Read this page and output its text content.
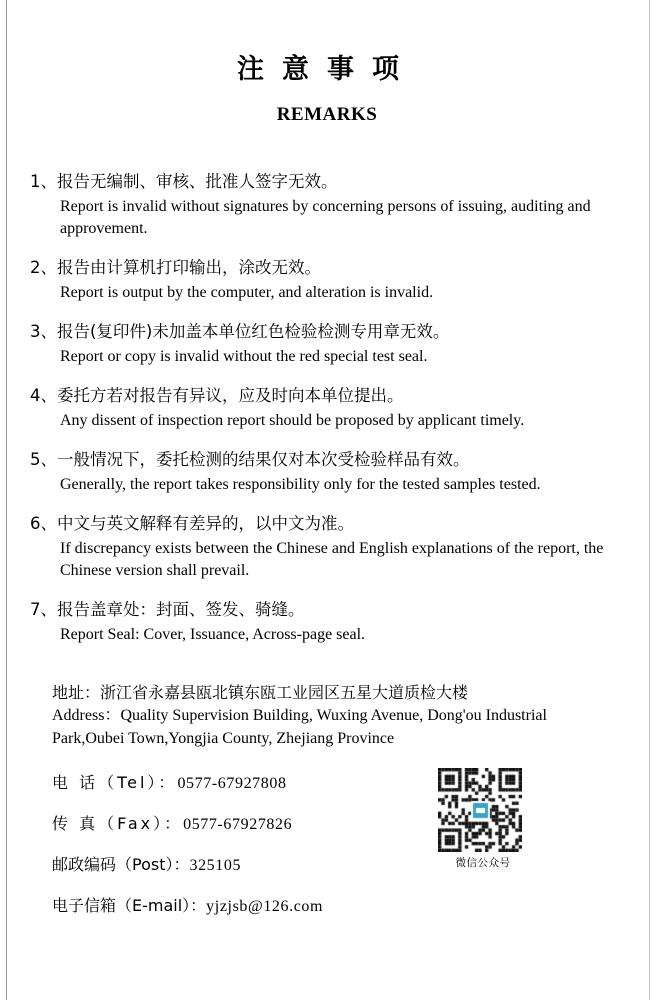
注意事项
REMARKS
1、报告无编制、审核、批准人签字无效。
Report is invalid without signatures by concerning persons of issuing, auditing and approvement.
2、报告由计算机打印输出，涂改无效。
Report is output by the computer, and alteration is invalid.
3、报告(复印件)未加盖本单位红色检验检测专用章无效。
Report or copy is invalid without the red special test seal.
4、委托方若对报告有异议，应及时向本单位提出。
Any dissent of inspection report should be proposed by applicant timely.
5、一般情况下，委托检测的结果仅对本次受检验样品有效。
Generally, the report takes responsibility only for the tested samples tested.
6、中文与英文解释有差异的，以中文为准。
If discrepancy exists between the Chinese and English explanations of the report, the Chinese version shall prevail.
7、报告盖章处：封面、签发、骑缝。
Report Seal: Cover, Issuance, Across-page seal.
地址：浙江省永嘉县瓯北镇东瓯工业园区五星大道质检大楼
Address：Quality Supervision Building, Wuxing Avenue, Dong'ou Industrial Park,Oubei Town,Yongjia County, Zhejiang Province
电 话（Tel）：0577-67927808
传 真（Fax）：0577-67927826
邮政编码（Post）：325105
电子信箱（E-mail）：yjzjsb@126.com
微信公众号
